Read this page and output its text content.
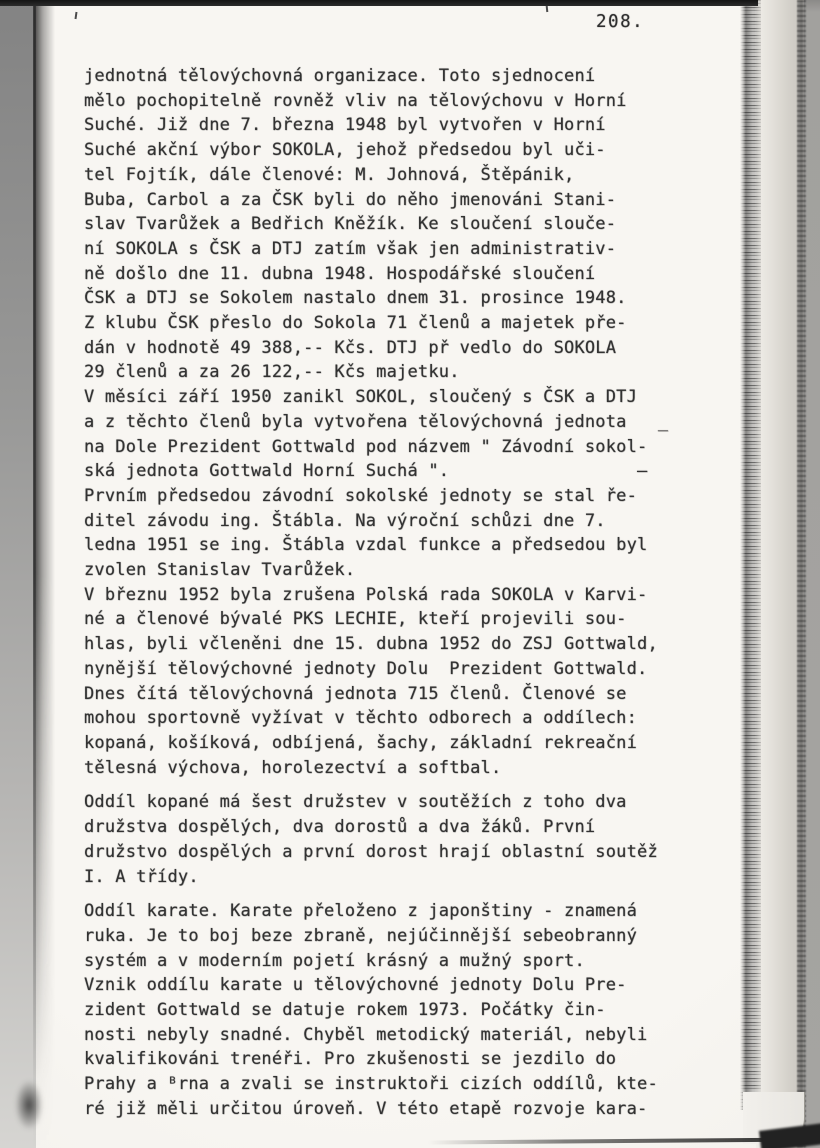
208.

jednotná tělovýchovná organizace. Toto sjednocení
mělo pochopitelně rovněž vliv na tělovýchovu v Horní
Suché. Již dne 7. března 1948 byl vytvořen v Horní
Suché akční výbor SOKOLA, jehož předsedou byl uči-
tel Fojtík, dále členové: M. Johnová, Štěpánik,
Buba, Carbol a za ČSK byli do něho jmenováni Stani-
slav Tvarůžek a Bedřich Kněžík. Ke sloučení slouče-
ní SOKOLA s ČSK a DTJ zatím však jen administrativ-
ně došlo dne 11. dubna 1948. Hospodářské sloučení
ČSK a DTJ se Sokolem nastalo dnem 31. prosince 1948.
Z klubu ČSK přeslo do Sokola 71 členů a majetek pře-
dán v hodnotě 49 388,-- Kčs. DTJ př vedlo do SOKOLA
29 členů a za 26 122,-- Kčs majetku.
V měsíci září 1950 zanikl SOKOL, sloučený s ČSK a DTJ
a z těchto členů byla vytvořena tělovýchovná jednota   _
na Dole Prezident Gottwald pod názvem " Závodní sokol-
ská jednota Gottwald Horní Suchá ".                  –
Prvním předsedou závodní sokolské jednoty se stal ře-
ditel závodu ing. Štábla. Na výroční schůzi dne 7.
ledna 1951 se ing. Štábla vzdal funkce a předsedou byl
zvolen Stanislav Tvarůžek.
V březnu 1952 byla zrušena Polská rada SOKOLA v Karvi-
né a členové bývalé PKS LECHIE, kteří projevili sou-
hlas, byli včleněni dne 15. dubna 1952 do ZSJ Gottwald,
nynější tělovýchovné jednoty Dolu  Prezident Gottwald.
Dnes čítá tělovýchovná jednota 715 členů. Členové se
mohou sportovně vyžívat v těchto odborech a oddílech:
kopaná, košíková, odbíjená, šachy, základní rekreační
tělesná výchova, horolezectví a softbal.

Oddíl kopané má šest družstev v soutěžích z toho dva
družstva dospělých, dva dorostů a dva žáků. První
družstvo dospělých a první dorost hrají oblastní soutěž
I. A třídy.

Oddíl karate. Karate přeloženo z japonštiny - znamená
ruka. Je to boj beze zbraně, nejúčinnější sebeobranný
systém a v moderním pojetí krásný a mužný sport.
Vznik oddílu karate u tělovýchovné jednoty Dolu Pre-
zident Gottwald se datuje rokem 1973. Počátky čin-
nosti nebyly snadné. Chyběl metodický materiál, nebyli
kvalifikováni trenéři. Pro zkušenosti se jezdilo do
Prahy a ᴮrna a zvali se instruktoři cizích oddílů, kte-
ré již měli určitou úroveň. V této etapě rozvoje kara-
